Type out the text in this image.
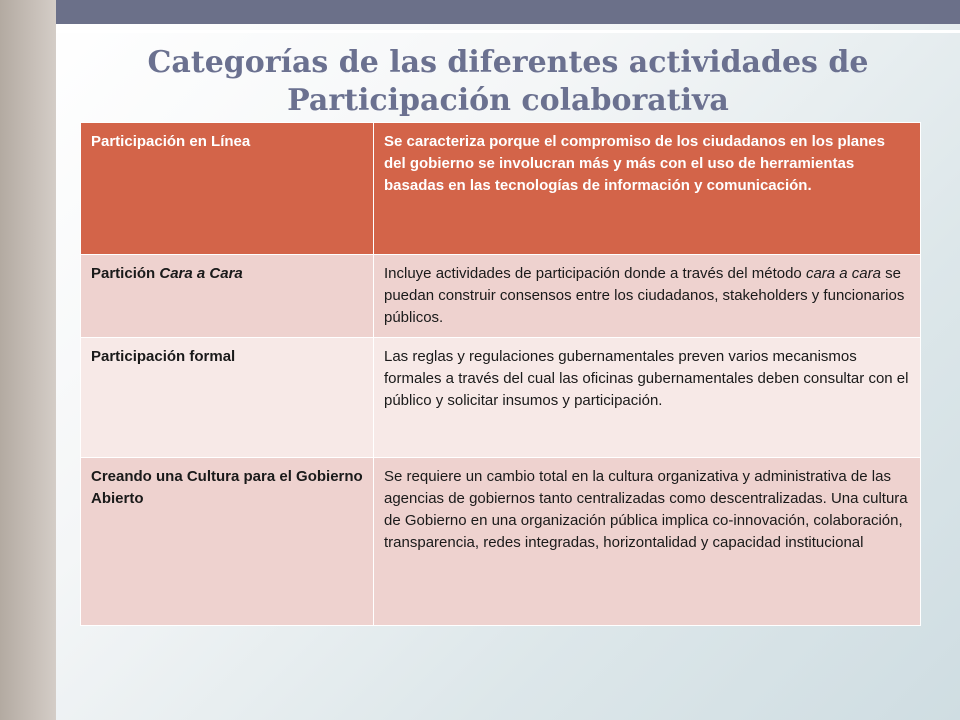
Categorías de las diferentes actividades de
Participación colaborativa
Participación en Línea	Se caracteriza porque el compromiso de los ciudadanos en los planes del gobierno se involucran más y más con el uso de herramientas basadas en las tecnologías de información y comunicación.
Partición Cara a Cara	Incluye actividades de participación donde a través del método cara a cara se puedan construir consensos entre los ciudadanos, stakeholders y funcionarios públicos.
Participación formal	Las reglas y regulaciones gubernamentales preven varios mecanismos formales a través del cual las oficinas gubernamentales deben consultar con el público y solicitar insumos y participación.
Creando una Cultura para el Gobierno Abierto	Se requiere un cambio total en la cultura organizativa y administrativa de las agencias de gobiernos tanto centralizadas como descentralizadas. Una cultura de Gobierno en una organización pública implica co-innovación, colaboración, transparencia, redes integradas, horizontalidad y capacidad institucional
